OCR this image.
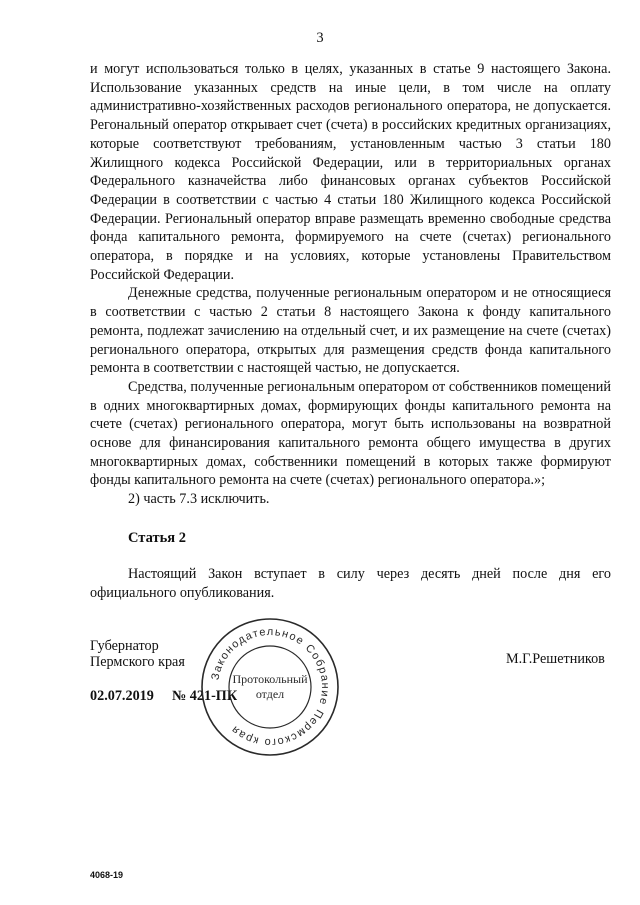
3

и могут использоваться только в целях, указанных в статье 9 настоящего Закона. Использование указанных средств на иные цели, в том числе на оплату административно-хозяйственных расходов регионального оператора, не допускается. Регональный оператор открывает счет (счета) в российских кредитных организациях, которые соответствуют требованиям, установленным частью 3 статьи 180 Жилищного кодекса Российской Федерации, или в территориальных органах Федерального казначейства либо финансовых органах субъектов Российской Федерации в соответствии с частью 4 статьи 180 Жилищного кодекса Российской Федерации. Региональный оператор вправе размещать временно свободные средства фонда капитального ремонта, формируемого на счете (счетах) регионального оператора, в порядке и на условиях, которые установлены Правительством Российской Федерации.

Денежные средства, полученные региональным оператором и не относящиеся в соответствии с частью 2 статьи 8 настоящего Закона к фонду капитального ремонта, подлежат зачислению на отдельный счет, и их размещение на счете (счетах) регионального оператора, открытых для размещения средств фонда капитального ремонта в соответствии с настоящей частью, не допускается.

Средства, полученные региональным оператором от собственников помещений в одних многоквартирных домах, формирующих фонды капитального ремонта на счете (счетах) регионального оператора, могут быть использованы на возвратной основе для финансирования капитального ремонта общего имущества в других многоквартирных домах, собственники помещений в которых также формируют фонды капитального ремонта на счете (счетах) регионального оператора.»;

2) часть 7.3 исключить.

Статья 2

Настоящий Закон вступает в силу через десять дней после дня его официального опубликования.

Губернатор
Пермского края	М.Г.Решетников
02.07.2019 № 421-ПК
Законодательное Собрание Пермского края
Протокольный
отдел
4068-19
